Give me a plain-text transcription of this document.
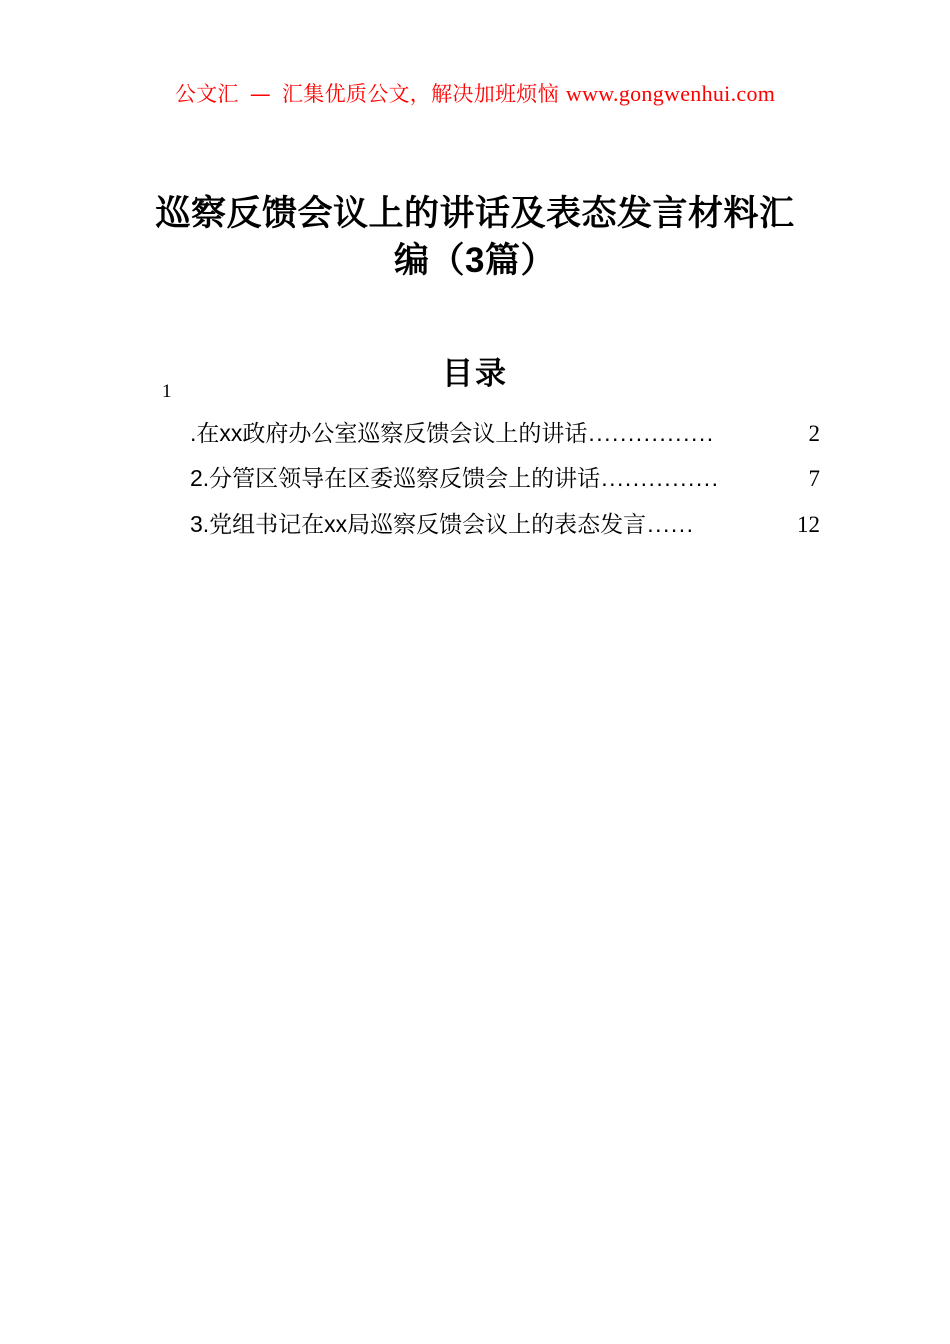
公文汇 — 汇集优质公文，解决加班烦恼 www.gongwenhui.com
巡察反馈会议上的讲话及表态发言材料汇编（3篇）
目录
1
.在xx政府办公室巡察反馈会议上的讲话 ................	2
2.分管区领导在区委巡察反馈会上的讲话 ...............	7
3.党组书记在xx局巡察反馈会议上的表态发言 ......	12
